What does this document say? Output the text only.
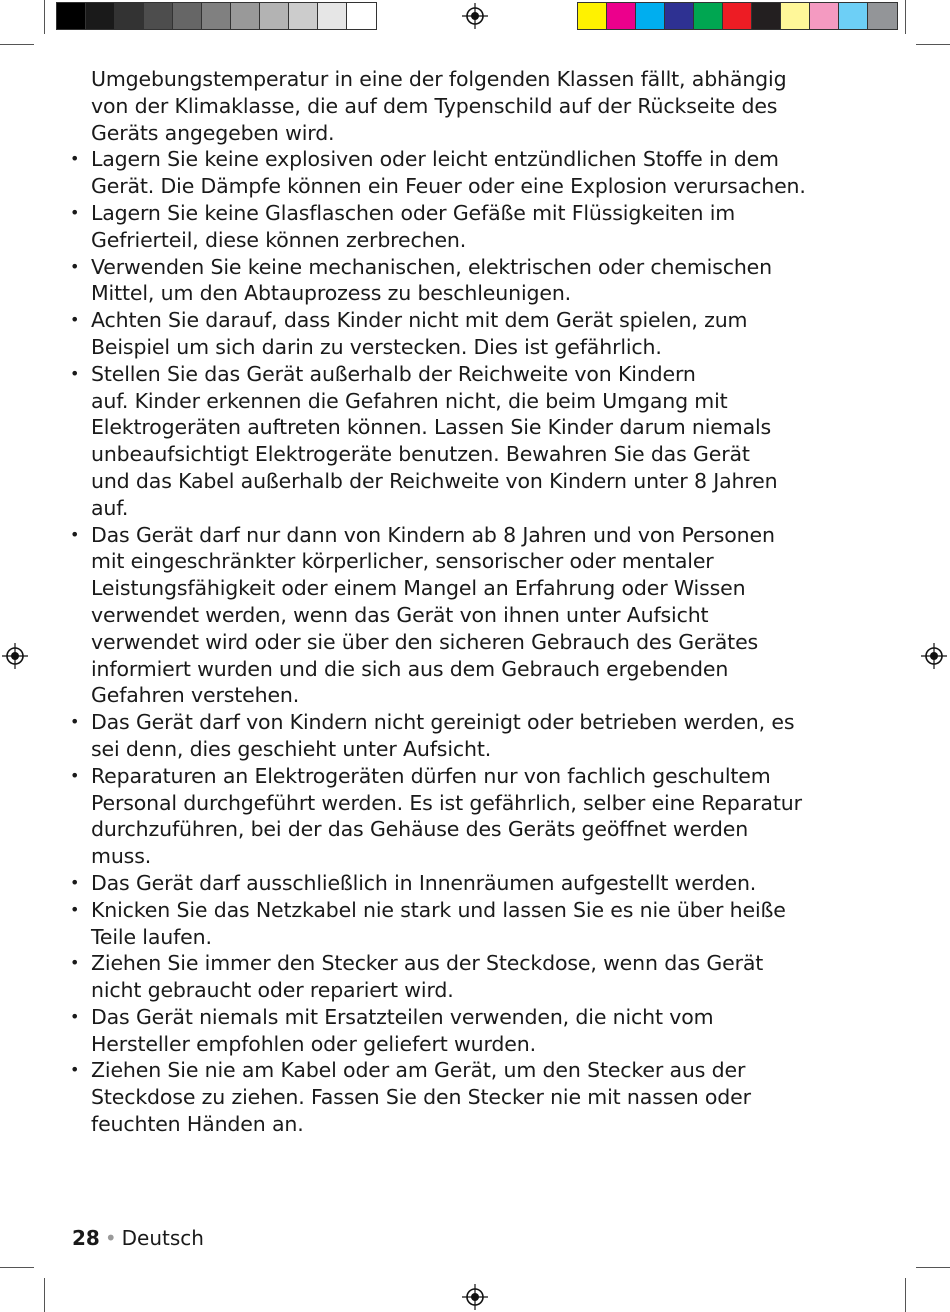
Umgebungstemperatur in eine der folgenden Klassen fällt, abhängig
von der Klimaklasse, die auf dem Typenschild auf der Rückseite des
Geräts angegeben wird.
• Lagern Sie keine explosiven oder leicht entzündlichen Stoffe in dem
Gerät. Die Dämpfe können ein Feuer oder eine Explosion verursachen.
• Lagern Sie keine Glasflaschen oder Gefäße mit Flüssigkeiten im
Gefrierteil, diese können zerbrechen.
• Verwenden Sie keine mechanischen, elektrischen oder chemischen
Mittel, um den Abtauprozess zu beschleunigen.
• Achten Sie darauf, dass Kinder nicht mit dem Gerät spielen, zum
Beispiel um sich darin zu verstecken. Dies ist gefährlich.
• Stellen Sie das Gerät außerhalb der Reichweite von Kindern
auf. Kinder erkennen die Gefahren nicht, die beim Umgang mit
Elektrogeräten auftreten können. Lassen Sie Kinder darum niemals
unbeaufsichtigt Elektrogeräte benutzen. Bewahren Sie das Gerät
und das Kabel außerhalb der Reichweite von Kindern unter 8 Jahren
auf.
• Das Gerät darf nur dann von Kindern ab 8 Jahren und von Personen
mit eingeschränkter körperlicher, sensorischer oder mentaler
Leistungsfähigkeit oder einem Mangel an Erfahrung oder Wissen
verwendet werden, wenn das Gerät von ihnen unter Aufsicht
verwendet wird oder sie über den sicheren Gebrauch des Gerätes
informiert wurden und die sich aus dem Gebrauch ergebenden
Gefahren verstehen.
• Das Gerät darf von Kindern nicht gereinigt oder betrieben werden, es
sei denn, dies geschieht unter Aufsicht.
• Reparaturen an Elektrogeräten dürfen nur von fachlich geschultem
Personal durchgeführt werden. Es ist gefährlich, selber eine Reparatur
durchzuführen, bei der das Gehäuse des Geräts geöffnet werden
muss.
• Das Gerät darf ausschließlich in Innenräumen aufgestellt werden.
• Knicken Sie das Netzkabel nie stark und lassen Sie es nie über heiße
Teile laufen.
• Ziehen Sie immer den Stecker aus der Steckdose, wenn das Gerät
nicht gebraucht oder repariert wird.
• Das Gerät niemals mit Ersatzteilen verwenden, die nicht vom
Hersteller empfohlen oder geliefert wurden.
• Ziehen Sie nie am Kabel oder am Gerät, um den Stecker aus der
Steckdose zu ziehen. Fassen Sie den Stecker nie mit nassen oder
feuchten Händen an.
28 • Deutsch
